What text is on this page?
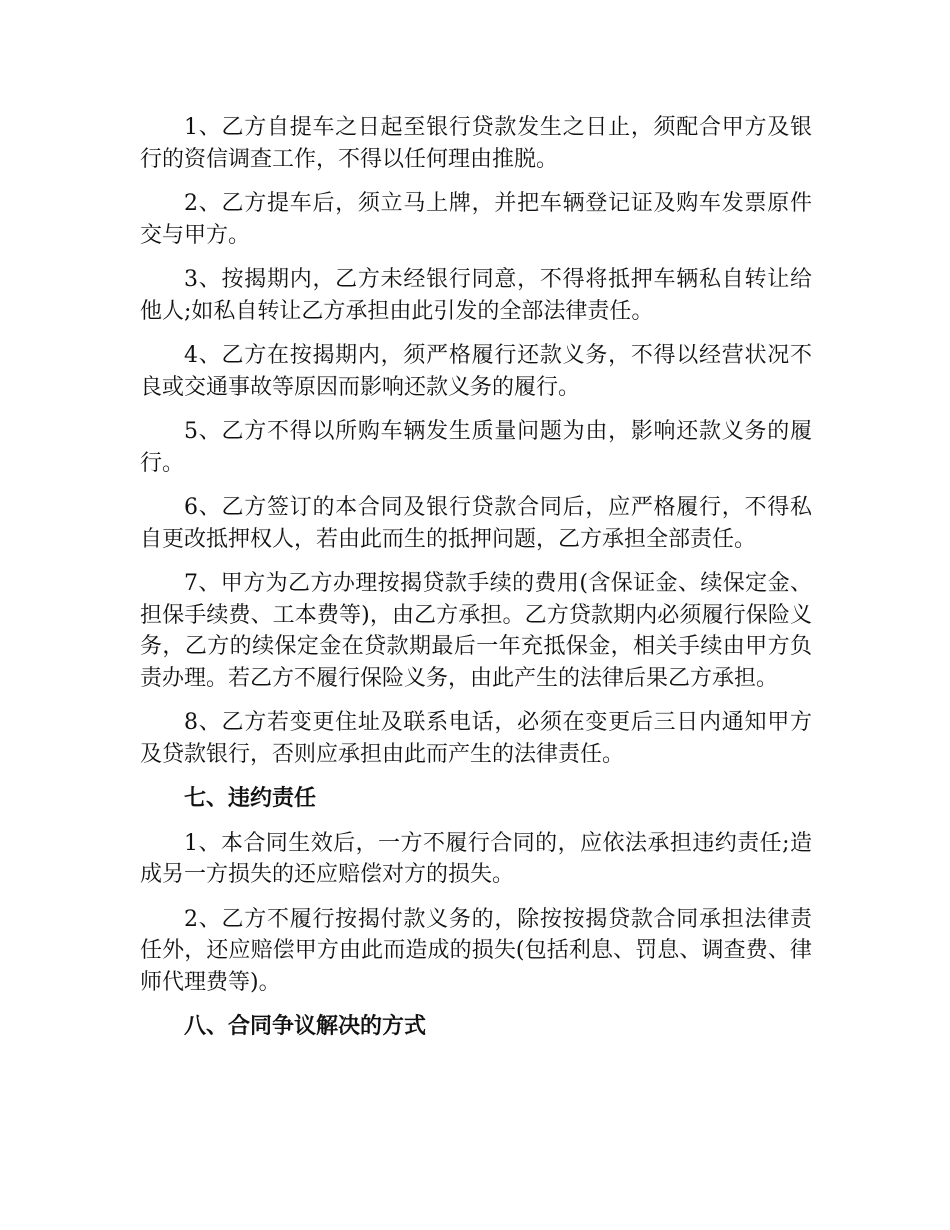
1、乙方自提车之日起至银行贷款发生之日止，须配合甲方及银行的资信调查工作，不得以任何理由推脱。

2、乙方提车后，须立马上牌，并把车辆登记证及购车发票原件交与甲方。

3、按揭期内，乙方未经银行同意，不得将抵押车辆私自转让给他人;如私自转让乙方承担由此引发的全部法律责任。

4、乙方在按揭期内，须严格履行还款义务，不得以经营状况不良或交通事故等原因而影响还款义务的履行。

5、乙方不得以所购车辆发生质量问题为由，影响还款义务的履行。

6、乙方签订的本合同及银行贷款合同后，应严格履行，不得私自更改抵押权人，若由此而生的抵押问题，乙方承担全部责任。

7、甲方为乙方办理按揭贷款手续的费用(含保证金、续保定金、担保手续费、工本费等)，由乙方承担。乙方贷款期内必须履行保险义务，乙方的续保定金在贷款期最后一年充抵保金，相关手续由甲方负责办理。若乙方不履行保险义务，由此产生的法律后果乙方承担。

8、乙方若变更住址及联系电话，必须在变更后三日内通知甲方及贷款银行，否则应承担由此而产生的法律责任。

七、违约责任

1、本合同生效后，一方不履行合同的，应依法承担违约责任;造成另一方损失的还应赔偿对方的损失。

2、乙方不履行按揭付款义务的，除按按揭贷款合同承担法律责任外，还应赔偿甲方由此而造成的损失(包括利息、罚息、调查费、律师代理费等)。

八、合同争议解决的方式
